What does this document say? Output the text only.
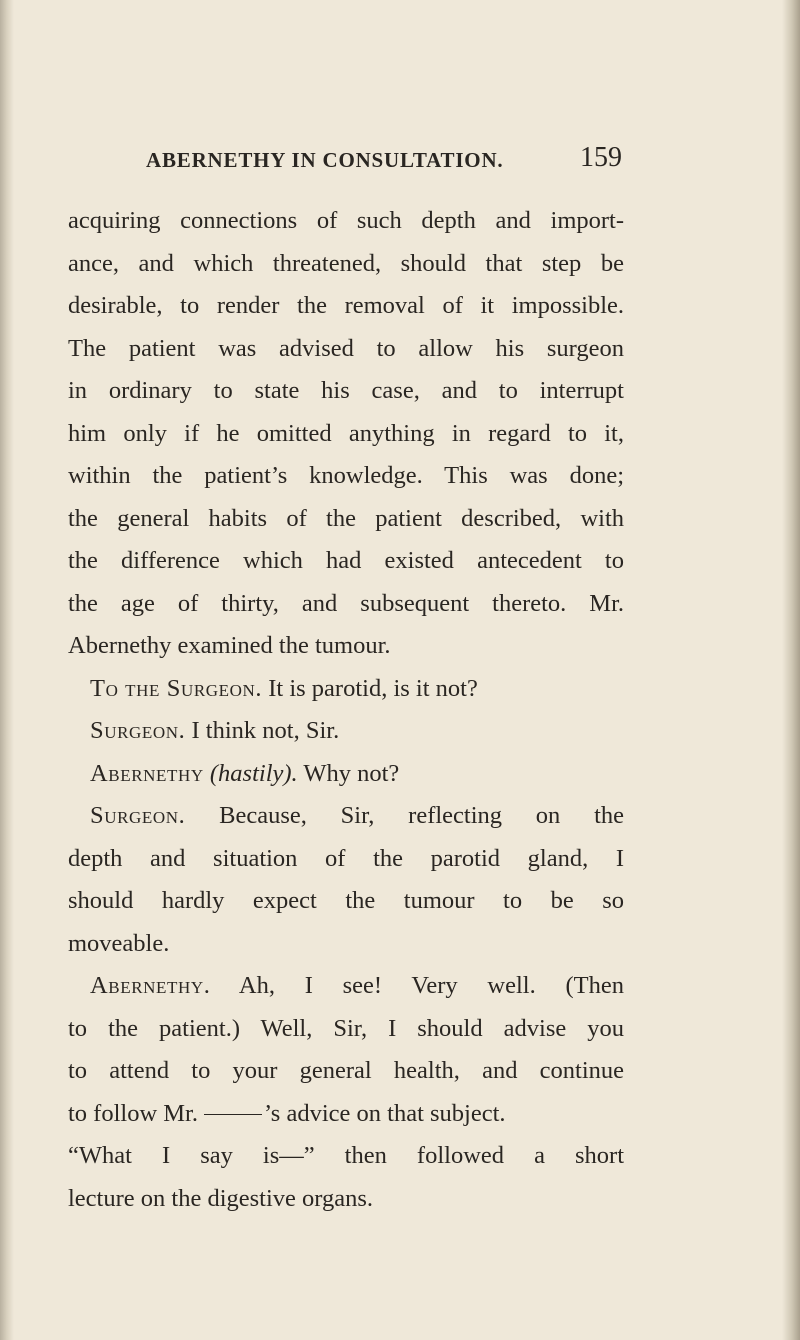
ABERNETHY IN CONSULTATION.	159
acquiring connections of such depth and import-
ance, and which threatened, should that step be
desirable, to render the removal of it impossible.
The patient was advised to allow his surgeon
in ordinary to state his case, and to interrupt
him only if he omitted anything in regard to it,
within the patient’s knowledge. This was done;
the general habits of the patient described, with
the difference which had existed antecedent to
the age of thirty, and subsequent thereto. Mr.
Abernethy examined the tumour.
To the Surgeon. It is parotid, is it not?
Surgeon. I think not, Sir.
Abernethy (hastily). Why not?
Surgeon. Because, Sir, reflecting on the
depth and situation of the parotid gland, I
should hardly expect the tumour to be so
moveable.
Abernethy. Ah, I see! Very well. (Then
to the patient.) Well, Sir, I should advise you
to attend to your general health, and continue
to follow Mr.	’s advice on that subject.
“What I say is—” then followed a short
lecture on the digestive organs.
